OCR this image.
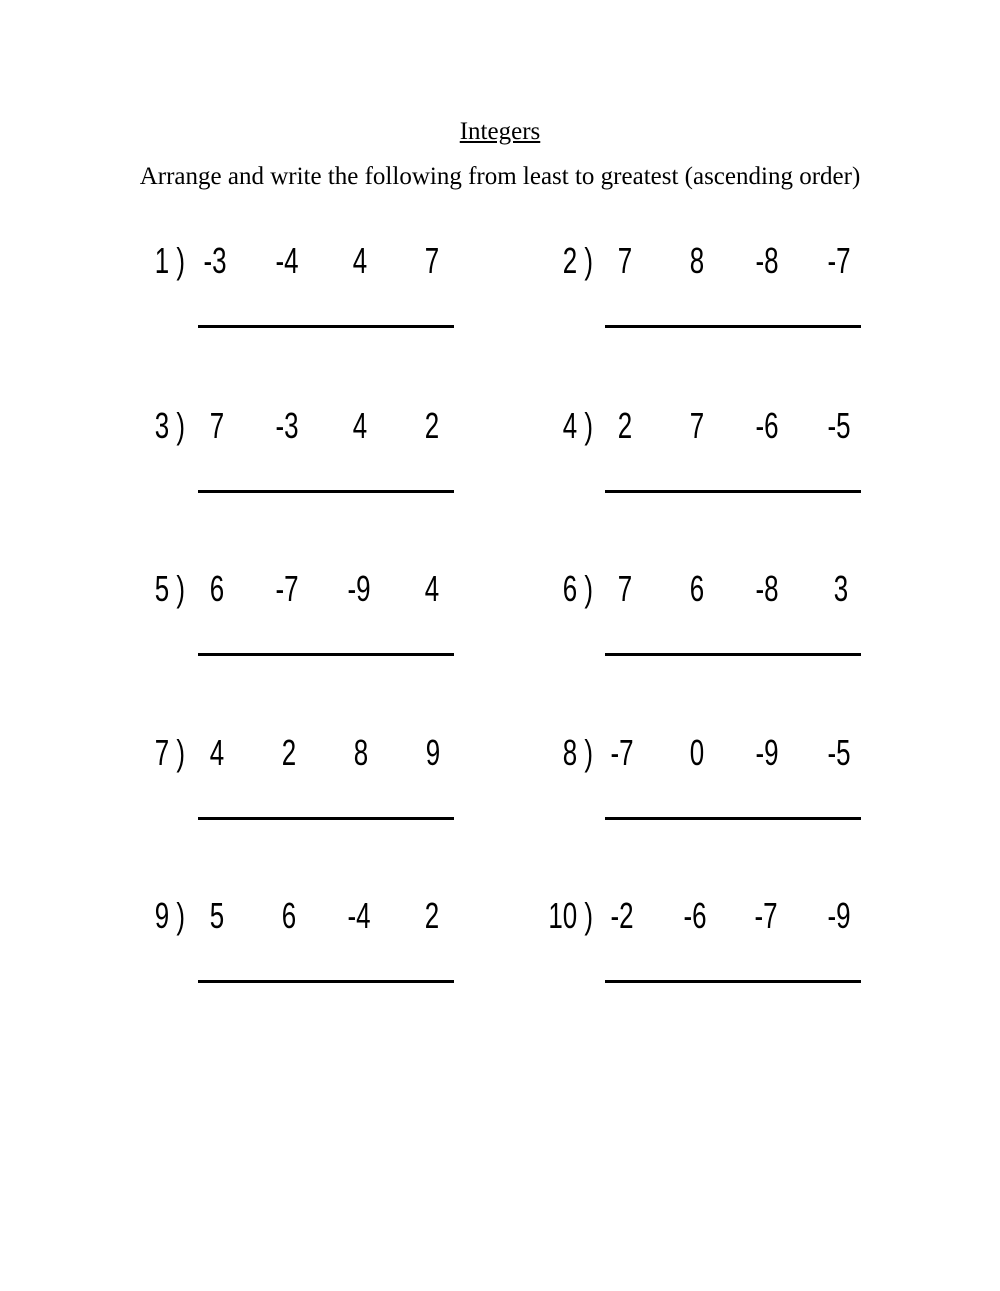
Integers
Arrange and write the following from least to greatest (ascending order)
1 ) -3 -4 4 7	2 ) 7 8 -8 -7
3 ) 7 -3 4 2	4 ) 2 7 -6 -5
5 ) 6 -7 -9 4	6 ) 7 6 -8 3
7 ) 4 2 8 9	8 ) -7 0 -9 -5
9 ) 5 6 -4 2	10 ) -2 -6 -7 -9
